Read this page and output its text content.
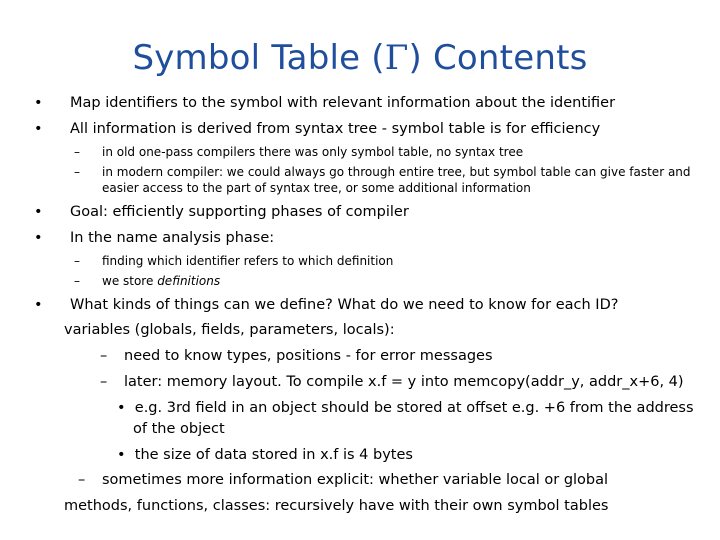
Symbol Table (Γ) Contents
• Map identifiers to the symbol with relevant information about the identifier
• All information is derived from syntax tree - symbol table is for efficiency
– in old one-pass compilers there was only symbol table, no syntax tree
– in modern compiler: we could always go through entire tree, but symbol table can give faster and easier access to the part of syntax tree, or some additional information
• Goal: efficiently supporting phases of compiler
• In the name analysis phase:
– finding which identifier refers to which definition
– we store definitions
• What kinds of things can we define? What do we need to know for each ID?
variables (globals, fields, parameters, locals):
– need to know types, positions - for error messages
– later: memory layout. To compile x.f = y into memcopy(addr_y, addr_x+6, 4)
• e.g. 3rd field in an object should be stored at offset e.g. +6 from the address
of the object
• the size of data stored in x.f is 4 bytes
– sometimes more information explicit: whether variable local or global
methods, functions, classes: recursively have with their own symbol tables
